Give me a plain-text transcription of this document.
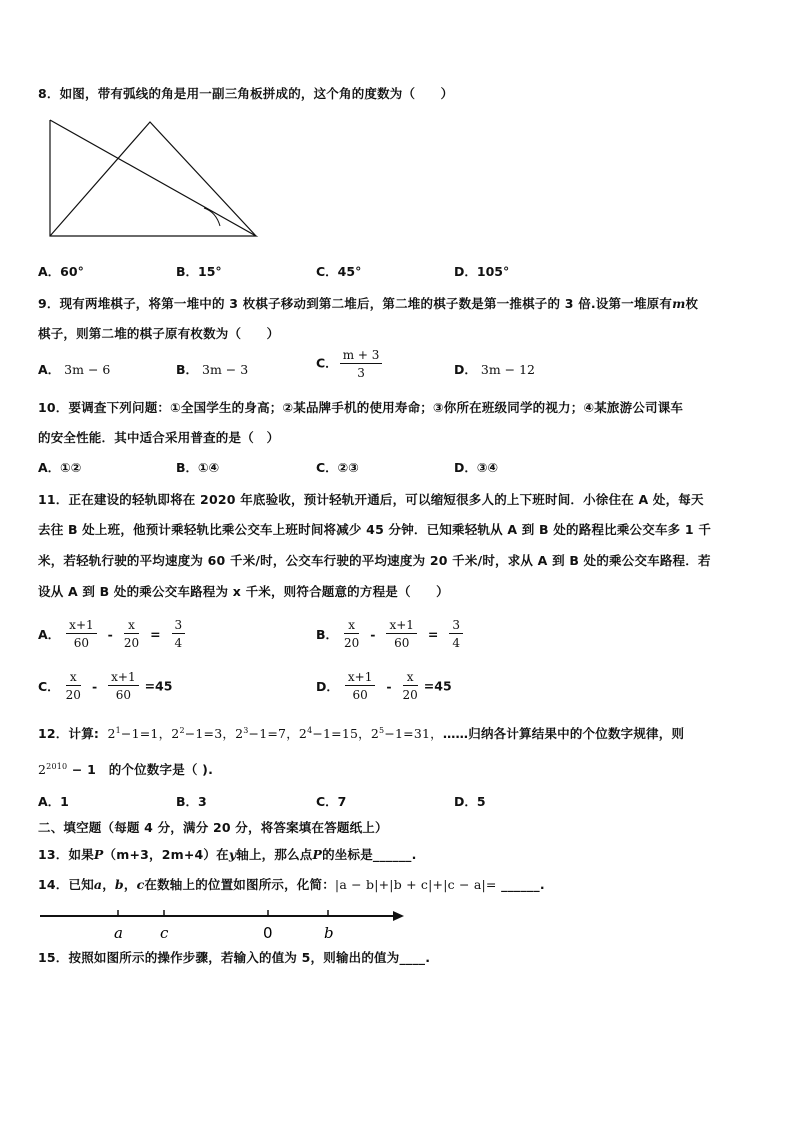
8．如图，带有弧线的角是用一副三角板拼成的，这个角的度数为（　　）
A．60°	B．15°	C．45°	D．105°
9．现有两堆棋子，将第一堆中的 3 枚棋子移动到第二堆后，第二堆的棋子数是第一推棋子的 3 倍.设第一堆原有m枚
棋子，则第二堆的棋子原有枚数为（　　）
A． 3m − 6	B． 3m − 3	C． $\frac{m + 3}{3}$	D． 3m − 12
10．要调查下列问题：①全国学生的身高；②某品牌手机的使用寿命；③你所在班级同学的视力；④某旅游公司课车
的安全性能．其中适合采用普查的是（　）
A．①②	B．①④	C．②③	D．③④
11．正在建设的轻轨即将在 2020 年底验收，预计轻轨开通后，可以缩短很多人的上下班时间．小徐住在 A 处，每天
去往 B 处上班，他预计乘轻轨比乘公交车上班时间将减少 45 分钟．已知乘轻轨从 A 到 B 处的路程比乘公交车多 1 千
米，若轻轨行驶的平均速度为 60 千米/时，公交车行驶的平均速度为 20 千米/时，求从 A 到 B 处的乘公交车路程．若
设从 A 到 B 处的乘公交车路程为 x 千米，则符合题意的方程是（　　）
A． $\frac{x+1}{60} - \frac{x}{20} = \frac{3}{4}$	B． $\frac{x}{20} - \frac{x+1}{60} = \frac{3}{4}$
C． $\frac{x}{20} - \frac{x+1}{60} =45$	D． $\frac{x+1}{60} - \frac{x}{20} =45$
12．计算:  $2^1-1=1$，$2^2-1=3$，$2^3-1=7$，$2^4-1=15$，$2^5-1=31$，……归纳各计算结果中的个位数字规律，则
$2^{2010} - 1$　的个位数字是（ ).
A．1	B．3	C．7	D．5
二、填空题（每题 4 分，满分 20 分，将答案填在答题纸上）
13．如果P（m+3，2m+4）在y轴上，那么点P的坐标是______.
14．已知a，b，c在数轴上的位置如图所示，化简：|a − b|+|b + c|+|c − a|= ______.
a c	0	b
15．按照如图所示的操作步骤，若输入的值为 5，则输出的值为____.
